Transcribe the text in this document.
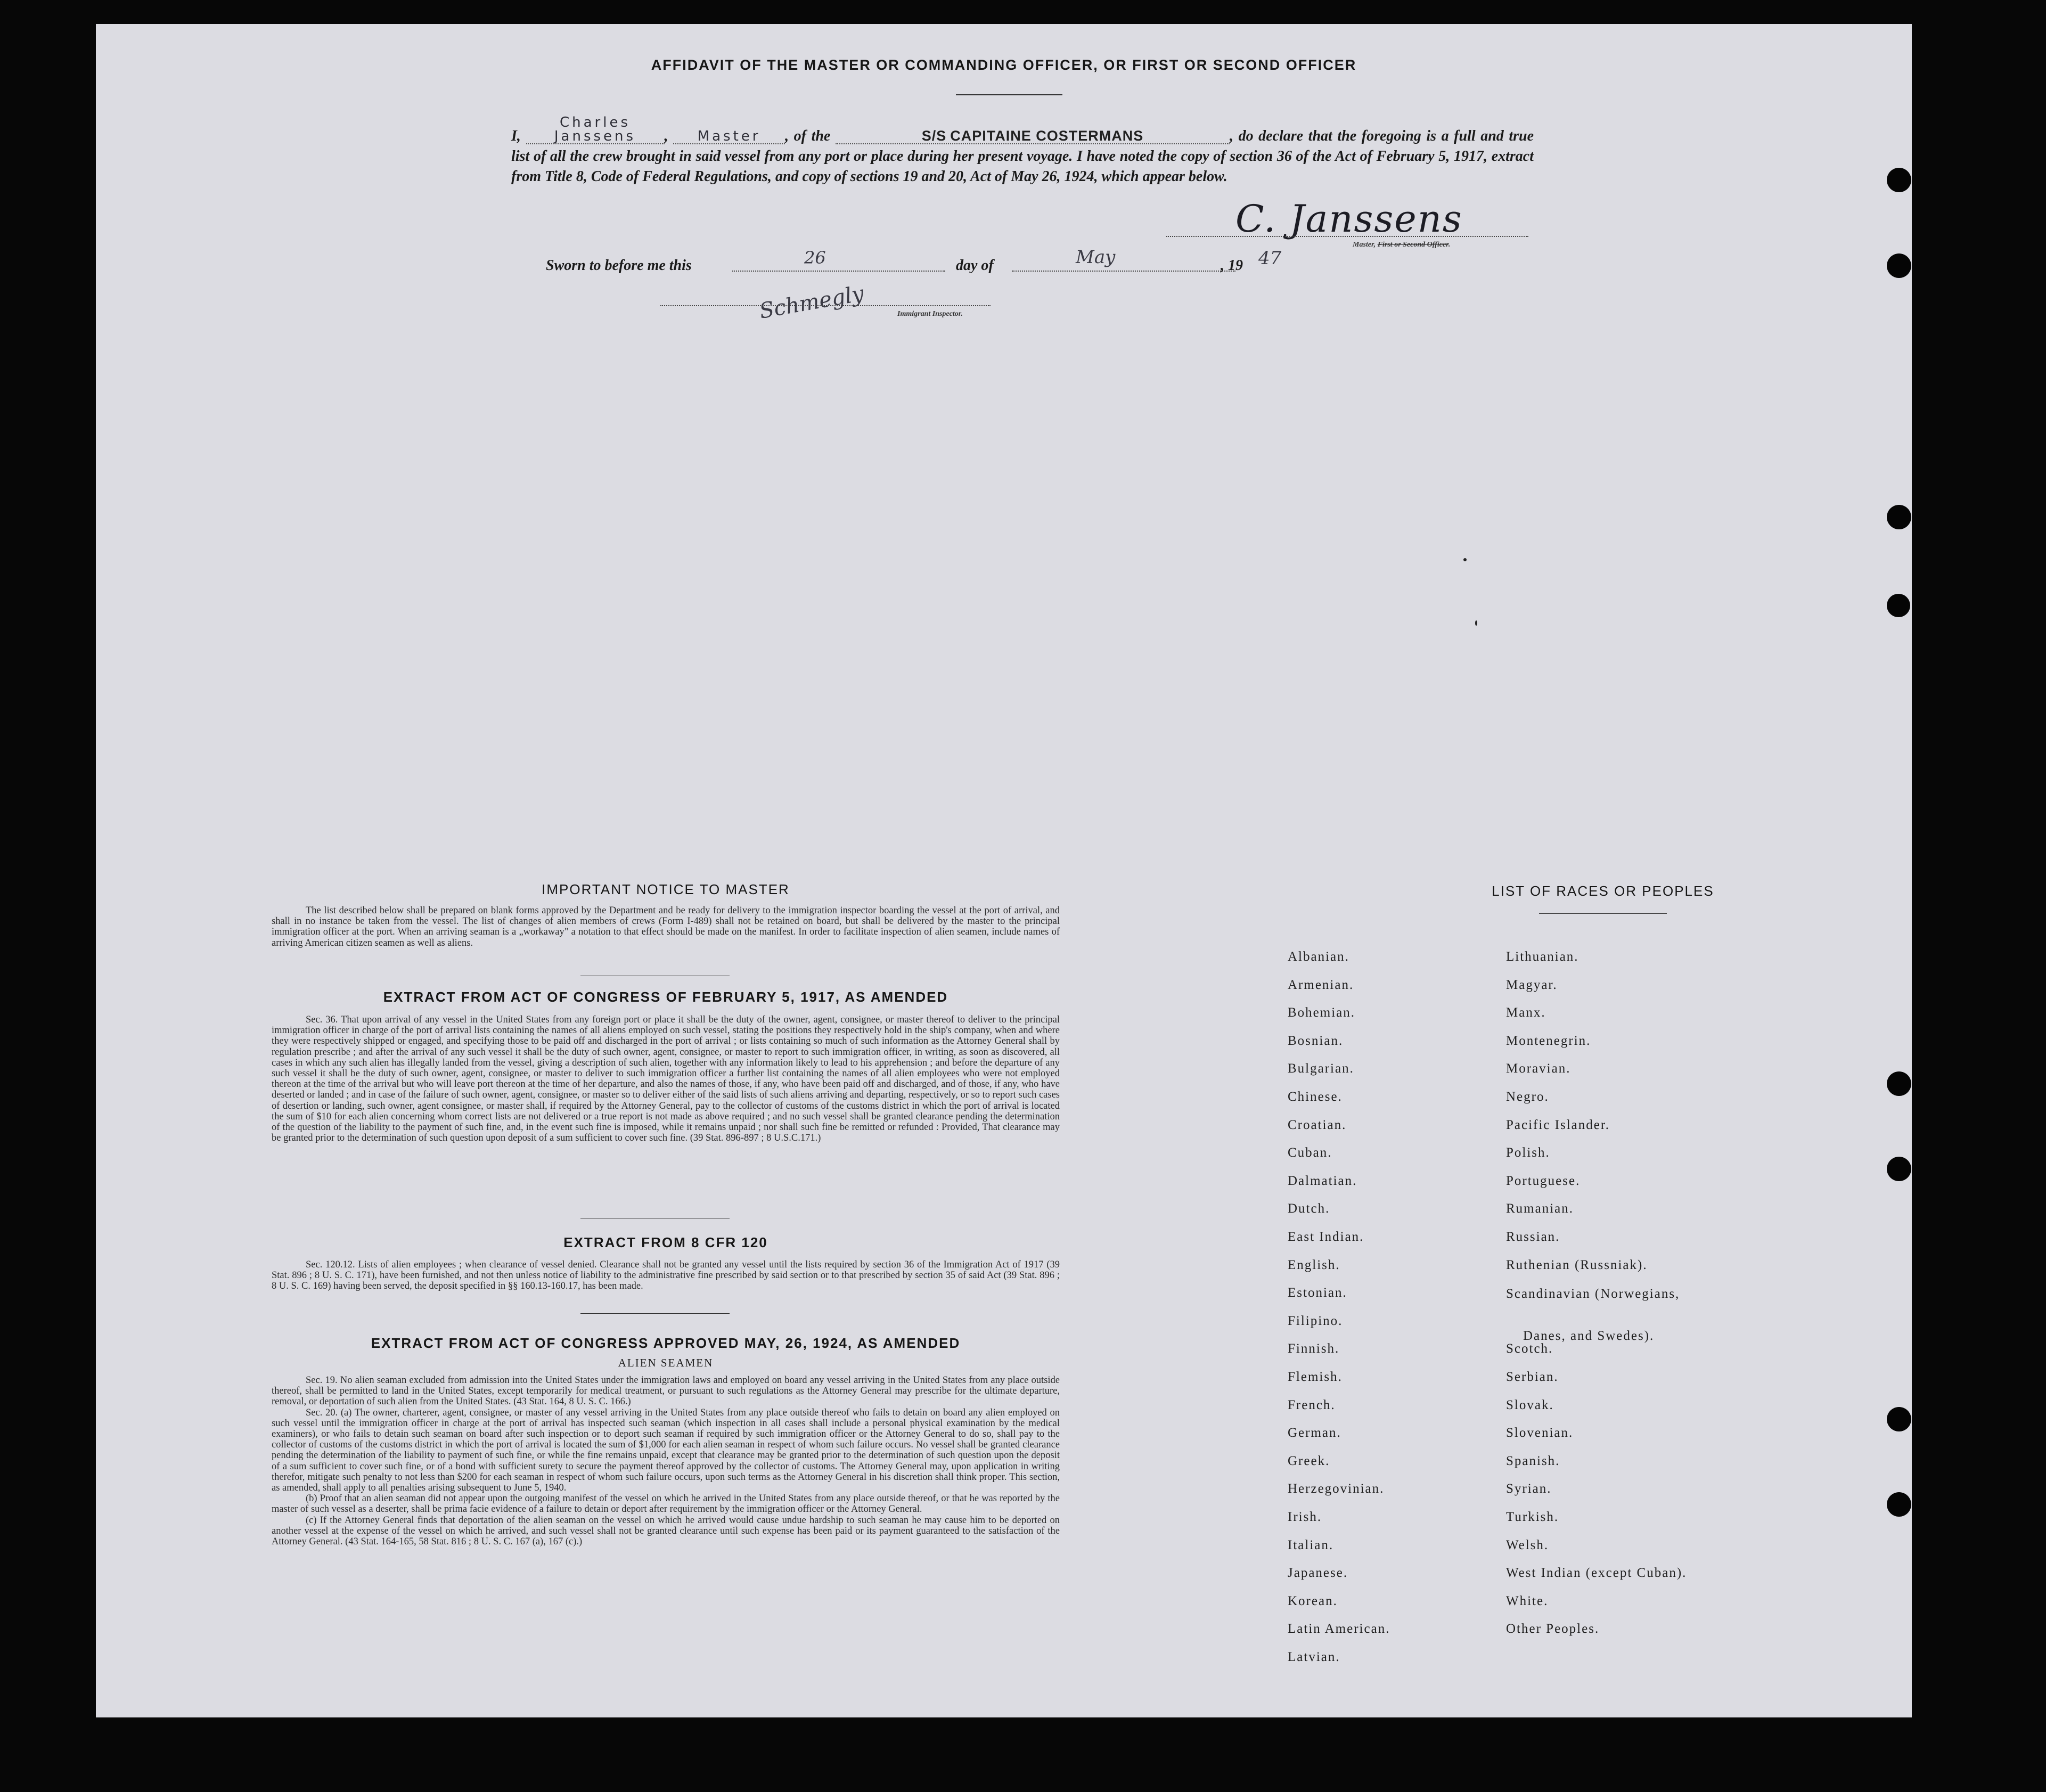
AFFIDAVIT OF THE MASTER OR COMMANDING OFFICER, OR FIRST OR SECOND OFFICER
I, Charles Janssens , Master , of the	S/S CAPITAINE COSTERMANS	, do declare that the foregoing is a full and true list of all the crew brought in said vessel from any port or place during her present voyage. I have noted the copy of section 36 of the Act of February 5, 1917, extract from Title 8, Code of Federal Regulations, and copy of sections 19 and 20, Act of May 26, 1924, which appear below.
C. Janssens
Master, First or Second Officer.
Sworn to before me this	26	day of	May	, 19 47
Schmegly	Immigrant Inspector.
IMPORTANT NOTICE TO MASTER

The list described below shall be prepared on blank forms approved by the Department and be ready for delivery to the immigration inspector boarding the vessel at the port of arrival, and shall in no instance be taken from the vessel. The list of changes of alien members of crews (Form I-489) shall not be retained on board, but shall be delivered by the master to the principal immigration officer at the port. When an arriving seaman is a „workaway" a notation to that effect should be made on the manifest. In order to facilitate inspection of alien seamen, include names of arriving American citizen seamen as well as aliens.

EXTRACT FROM ACT OF CONGRESS OF FEBRUARY 5, 1917, AS AMENDED

Sec. 36. That upon arrival of any vessel in the United States from any foreign port or place it shall be the duty of the owner, agent, consignee, or master thereof to deliver to the principal immigration officer in charge of the port of arrival lists containing the names of all aliens employed on such vessel, stating the positions they respectively hold in the ship's company, when and where they were respectively shipped or engaged, and specifying those to be paid off and discharged in the port of arrival ; or lists containing so much of such information as the Attorney General shall by regulation prescribe ; and after the arrival of any such vessel it shall be the duty of such owner, agent, consignee, or master to report to such immigration officer, in writing, as soon as discovered, all cases in which any such alien has illegally landed from the vessel, giving a description of such alien, together with any information likely to lead to his apprehension ; and before the departure of any such vessel it shall be the duty of such owner, agent, consignee, or master to deliver to such immigration officer a further list containing the names of all alien employees who were not employed thereon at the time of the arrival but who will leave port thereon at the time of her departure, and also the names of those, if any, who have been paid off and discharged, and of those, if any, who have deserted or landed ; and in case of the failure of such owner, agent, consignee, or master so to deliver either of the said lists of such aliens arriving and departing, respectively, or so to report such cases of desertion or landing, such owner, agent consignee, or master shall, if required by the Attorney General, pay to the collector of customs of the customs district in which the port of arrival is located the sum of $10 for each alien concerning whom correct lists are not delivered or a true report is not made as above required ; and no such vessel shall be granted clearance pending the determination of the question of the liability to the payment of such fine, and, in the event such fine is imposed, while it remains unpaid ; nor shall such fine be remitted or refunded : Provided, That clearance may be granted prior to the determination of such question upon deposit of a sum sufficient to cover such fine. (39 Stat. 896-897 ; 8 U.S.C.171.)

EXTRACT FROM 8 CFR 120

Sec. 120.12. Lists of alien employees ; when clearance of vessel denied. Clearance shall not be granted any vessel until the lists required by section 36 of the Immigration Act of 1917 (39 Stat. 896 ; 8 U. S. C. 171), have been furnished, and not then unless notice of liability to the administrative fine prescribed by said section or to that prescribed by section 35 of said Act (39 Stat. 896 ; 8 U. S. C. 169) having been served, the deposit specified in §§ 160.13-160.17, has been made.

EXTRACT FROM ACT OF CONGRESS APPROVED MAY, 26, 1924, AS AMENDED
ALIEN SEAMEN

Sec. 19. No alien seaman excluded from admission into the United States under the immigration laws and employed on board any vessel arriving in the United States from any place outside thereof, shall be permitted to land in the United States, except temporarily for medical treatment, or pursuant to such regulations as the Attorney General may prescribe for the ultimate departure, removal, or deportation of such alien from the United States. (43 Stat. 164, 8 U. S. C. 166.)

Sec. 20. (a) The owner, charterer, agent, consignee, or master of any vessel arriving in the United States from any place outside thereof who fails to detain on board any alien employed on such vessel until the immigration officer in charge at the port of arrival has inspected such seaman (which inspection in all cases shall include a personal physical examination by the medical examiners), or who fails to detain such seaman on board after such inspection or to deport such seaman if required by such immigration officer or the Attorney General to do so, shall pay to the collector of customs of the customs district in which the port of arrival is located the sum of $1,000 for each alien seaman in respect of whom such failure occurs. No vessel shall be granted clearance pending the determination of the liability to payment of such fine, or while the fine remains unpaid, except that clearance may be granted prior to the determination of such question upon the deposit of a sum sufficient to cover such fine, or of a bond with sufficient surety to secure the payment thereof approved by the collector of customs. The Attorney General may, upon application in writing therefor, mitigate such penalty to not less than $200 for each seaman in respect of whom such failure occurs, upon such terms as the Attorney General in his discretion shall think proper. This section, as amended, shall apply to all penalties arising subsequent to June 5, 1940.

(b) Proof that an alien seaman did not appear upon the outgoing manifest of the vessel on which he arrived in the United States from any place outside thereof, or that he was reported by the master of such vessel as a deserter, shall be prima facie evidence of a failure to detain or deport after requirement by the immigration officer or the Attorney General.

(c) If the Attorney General finds that deportation of the alien seaman on the vessel on which he arrived would cause undue hardship to such seaman he may cause him to be deported on another vessel at the expense of the vessel on which he arrived, and such vessel shall not be granted clearance until such expense has been paid or its payment guaranteed to the satisfaction of the Attorney General. (43 Stat. 164-165, 58 Stat. 816 ; 8 U. S. C. 167 (a), 167 (c).)

LIST OF RACES OR PEOPLES
Albanian.
Armenian.
Bohemian.
Bosnian.
Bulgarian.
Chinese.
Croatian.
Cuban.
Dalmatian.
Dutch.
East Indian.
English.
Estonian.
Filipino.
Finnish.
Flemish.
French.
German.
Greek.
Herzegovinian.
Irish.
Italian.
Japanese.
Korean.
Latin American.
Latvian.
Lithuanian.
Magyar.
Manx.
Montenegrin.
Moravian.
Negro.
Pacific Islander.
Polish.
Portuguese.
Rumanian.
Russian.
Ruthenian (Russniak).
Scandinavian (Norwegians,
Danes, and Swedes).
Scotch.
Serbian.
Slovak.
Slovenian.
Spanish.
Syrian.
Turkish.
Welsh.
West Indian (except Cuban).
White.
Other Peoples.
